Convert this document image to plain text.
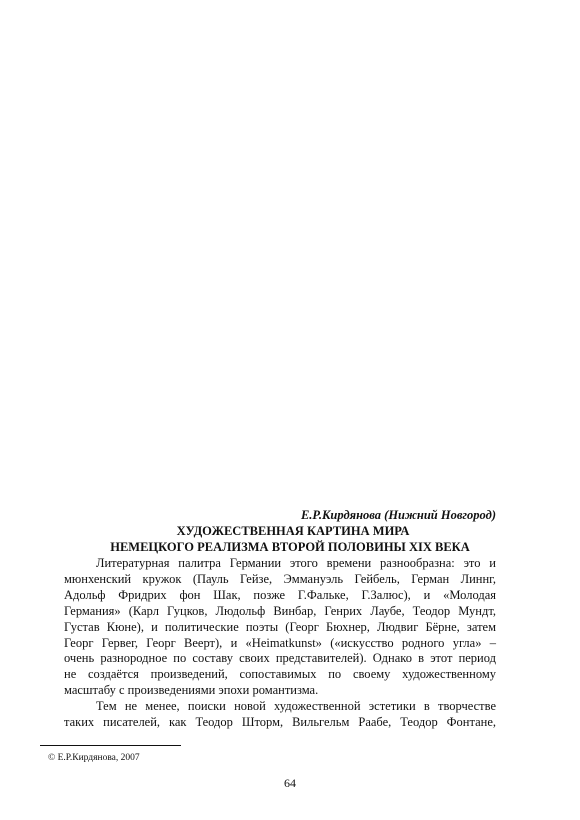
Е.Р.Кирдянова (Нижний Новгород)
ХУДОЖЕСТВЕННАЯ КАРТИНА МИРА
НЕМЕЦКОГО РЕАЛИЗМА ВТОРОЙ ПОЛОВИНЫ XIX ВЕКА
Литературная палитра Германии этого времени разнообразна: это и
мюнхенский кружок (Пауль Гейзе, Эммануэль Гейбель, Герман Линнг,
Адольф Фридрих фон Шак, позже Г.Фальке, Г.Залюс), и «Молодая
Германия» (Карл Гуцков, Людольф Винбар, Генрих Лаубе, Теодор Мундт,
Густав Кюне), и политические поэты (Георг Бюхнер, Людвиг Бёрне, затем
Георг Гервег, Георг Веерт), и «Heimatkunst» («искусство родного угла» –
очень разнородное по составу своих представителей). Однако в этот период
не создаётся произведений, сопоставимых по своему художественному
масштабу с произведениями эпохи романтизма.
Тем не менее, поиски новой художественной эстетики в творчестве
таких писателей, как Теодор Шторм, Вильгельм Раабе, Теодор Фонтане,
© Е.Р.Кирдянова, 2007
64
